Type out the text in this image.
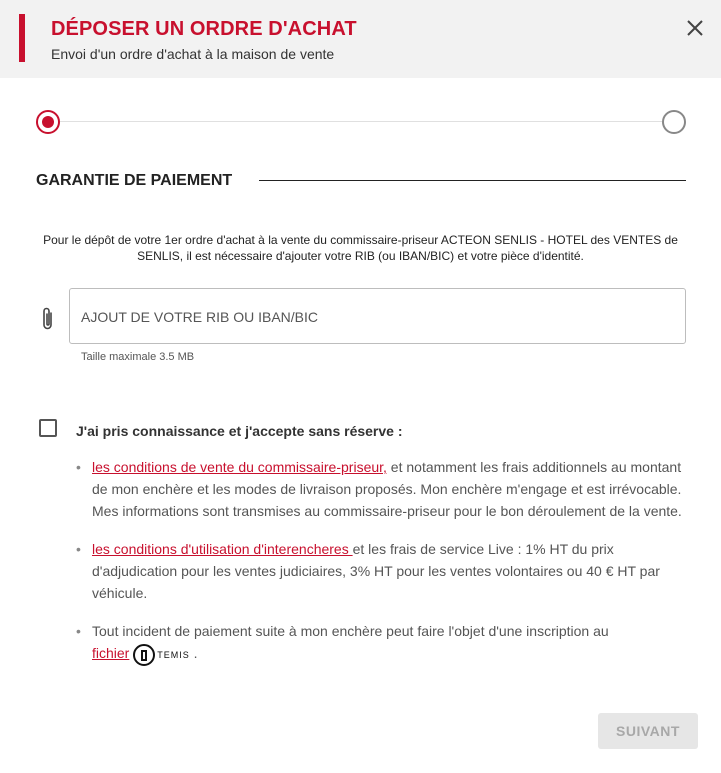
DÉPOSER UN ORDRE D'ACHAT
Envoi d'un ordre d'achat à la maison de vente
GARANTIE DE PAIEMENT
Pour le dépôt de votre 1er ordre d'achat à la vente du commissaire-priseur ACTEON SENLIS - HOTEL des VENTES de SENLIS, il est nécessaire d'ajouter votre RIB (ou IBAN/BIC) et votre pièce d'identité.
AJOUT DE VOTRE RIB OU IBAN/BIC
Taille maximale 3.5 MB
J'ai pris connaissance et j'accepte sans réserve :
• les conditions de vente du commissaire-priseur, et notamment les frais additionnels au montant de mon enchère et les modes de livraison proposés. Mon enchère m'engage et est irrévocable. Mes informations sont transmises au commissaire-priseur pour le bon déroulement de la vente.
• les conditions d'utilisation d'interencheres et les frais de service Live : 1% HT du prix d'adjudication pour les ventes judiciaires, 3% HT pour les ventes volontaires ou 40 € HT par véhicule.
• Tout incident de paiement suite à mon enchère peut faire l'objet d'une inscription au
fichier	TEMIS .
SUIVANT
